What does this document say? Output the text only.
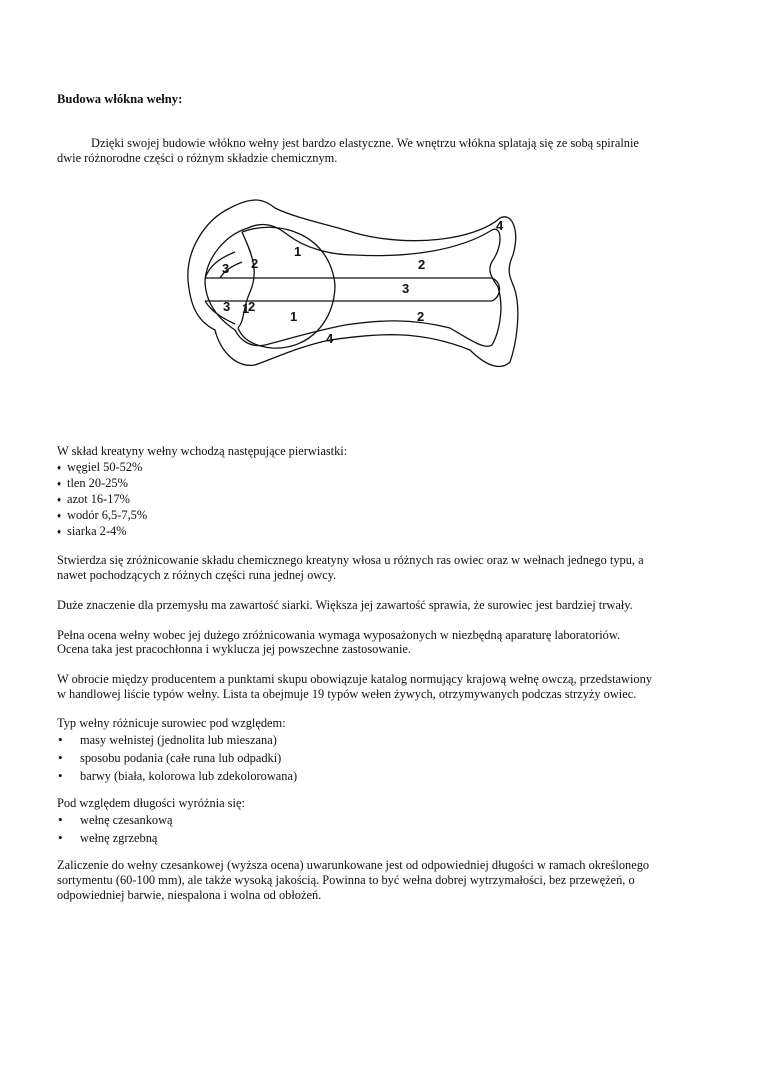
Budowa włókna wełny:
Dzięki swojej budowie włókno wełny jest bardzo elastyczne. We wnętrzu włókna splatają się ze sobą spiralnie
dwie różnorodne części o różnym składzie chemicznym.
1
2
3
4
3
2
1	2
4
3 1
2

W skład kreatyny wełny wchodzą następujące pierwiastki:

♦ węgiel 50-52%
♦ tlen 20-25%
♦ azot 16-17%
♦ wodór 6,5-7,5%
♦ siarka 2-4%
Stwierdza się zróżnicowanie składu chemicznego kreatyny włosa u różnych ras owiec oraz w wełnach jednego typu, a
nawet pochodzących z różnych części runa jednej owcy.
Duże znaczenie dla przemysłu ma zawartość siarki. Większa jej zawartość sprawia, że surowiec jest bardziej trwały.
Pełna ocena wełny wobec jej dużego zróżnicowania wymaga wyposażonych w niezbędną aparaturę laboratoriów.
Ocena taka jest pracochłonna i wyklucza jej powszechne zastosowanie.
W obrocie między producentem a punktami skupu obowiązuje katalog normujący krajową wełnę owczą, przedstawiony
w handlowej liście typów wełny. Lista ta obejmuje 19 typów wełen żywych, otrzymywanych podczas strzyży owiec.

Typ wełny różnicuje surowiec pod względem:

• masy wełnistej (jednolita lub mieszana)
• sposobu podania (całe runa lub odpadki)
• barwy (biała, kolorowa lub zdekolorowana)

Pod względem długości wyróżnia się:

• wełnę czesankową
• wełnę zgrzebną
Zaliczenie do wełny czesankowej (wyższa ocena) uwarunkowane jest od odpowiedniej długości w ramach określonego
sortymentu (60-100 mm), ale także wysoką jakością. Powinna to być wełna dobrej wytrzymałości, bez przewężeń, o
odpowiedniej barwie, niespalona i wolna od obłożeń.
